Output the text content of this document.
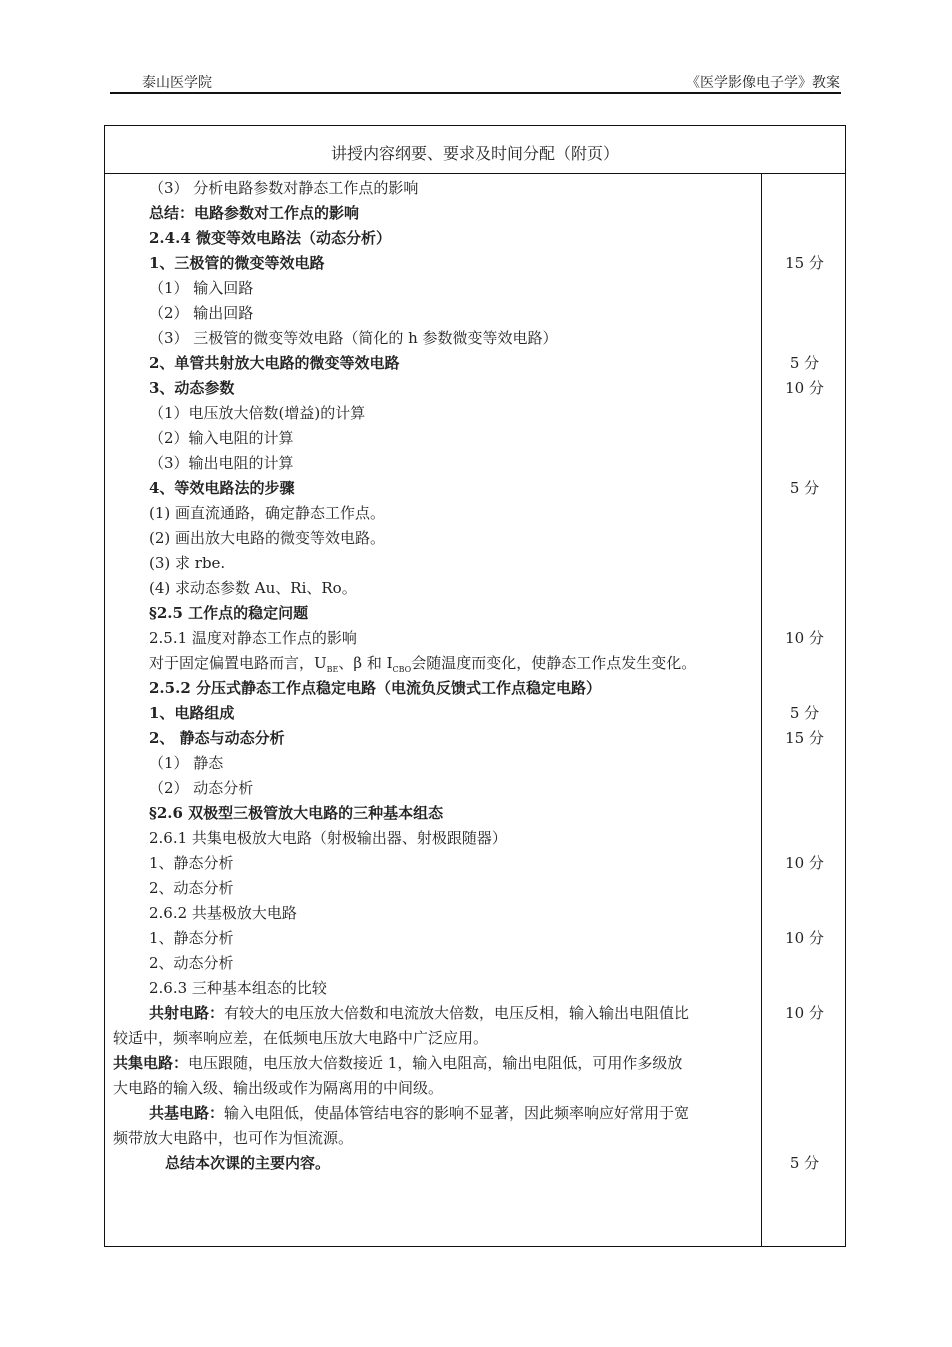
泰山医学院	《医学影像电子学》教案
讲授内容纲要、要求及时间分配（附页）
（3） 分析电路参数对静态工作点的影响
总结：电路参数对工作点的影响
2.4.4 微变等效电路法（动态分析）
1、三极管的微变等效电路
（1） 输入回路
（2） 输出回路
（3） 三极管的微变等效电路（简化的 h 参数微变等效电路）
2、单管共射放大电路的微变等效电路
3、动态参数
（1）电压放大倍数(增益)的计算
（2）输入电阻的计算
（3）输出电阻的计算
4、等效电路法的步骤
(1) 画直流通路，确定静态工作点。
(2) 画出放大电路的微变等效电路。
(3) 求 rbe.
(4) 求动态参数 Au、Ri、Ro。
§2.5 工作点的稳定问题
2.5.1 温度对静态工作点的影响
对于固定偏置电路而言，$U_{BE}$、β 和 $I_{CBO}$会随温度而变化，使静态工作点发生变化。
2.5.2 分压式静态工作点稳定电路（电流负反馈式工作点稳定电路）
1、电路组成
2、 静态与动态分析
（1） 静态
（2） 动态分析
§2.6 双极型三极管放大电路的三种基本组态
2.6.1 共集电极放大电路（射极输出器、射极跟随器）
1、静态分析
2、动态分析
2.6.2 共基极放大电路
1、静态分析
2、动态分析
2.6.3 三种基本组态的比较
共射电路：有较大的电压放大倍数和电流放大倍数，电压反相，输入输出电阻值比
较适中，频率响应差，在低频电压放大电路中广泛应用。
共集电路：电压跟随，电压放大倍数接近 1，输入电阻高，输出电阻低，可用作多级放
大电路的输入级、输出级或作为隔离用的中间级。
共基电路：输入电阻低，使晶体管结电容的影响不显著，因此频率响应好常用于宽
频带放大电路中，也可作为恒流源。
总结本次课的主要内容。
15 分
5 分
10 分
5 分
10 分
5 分
15 分
10 分
10 分
10 分
5 分
